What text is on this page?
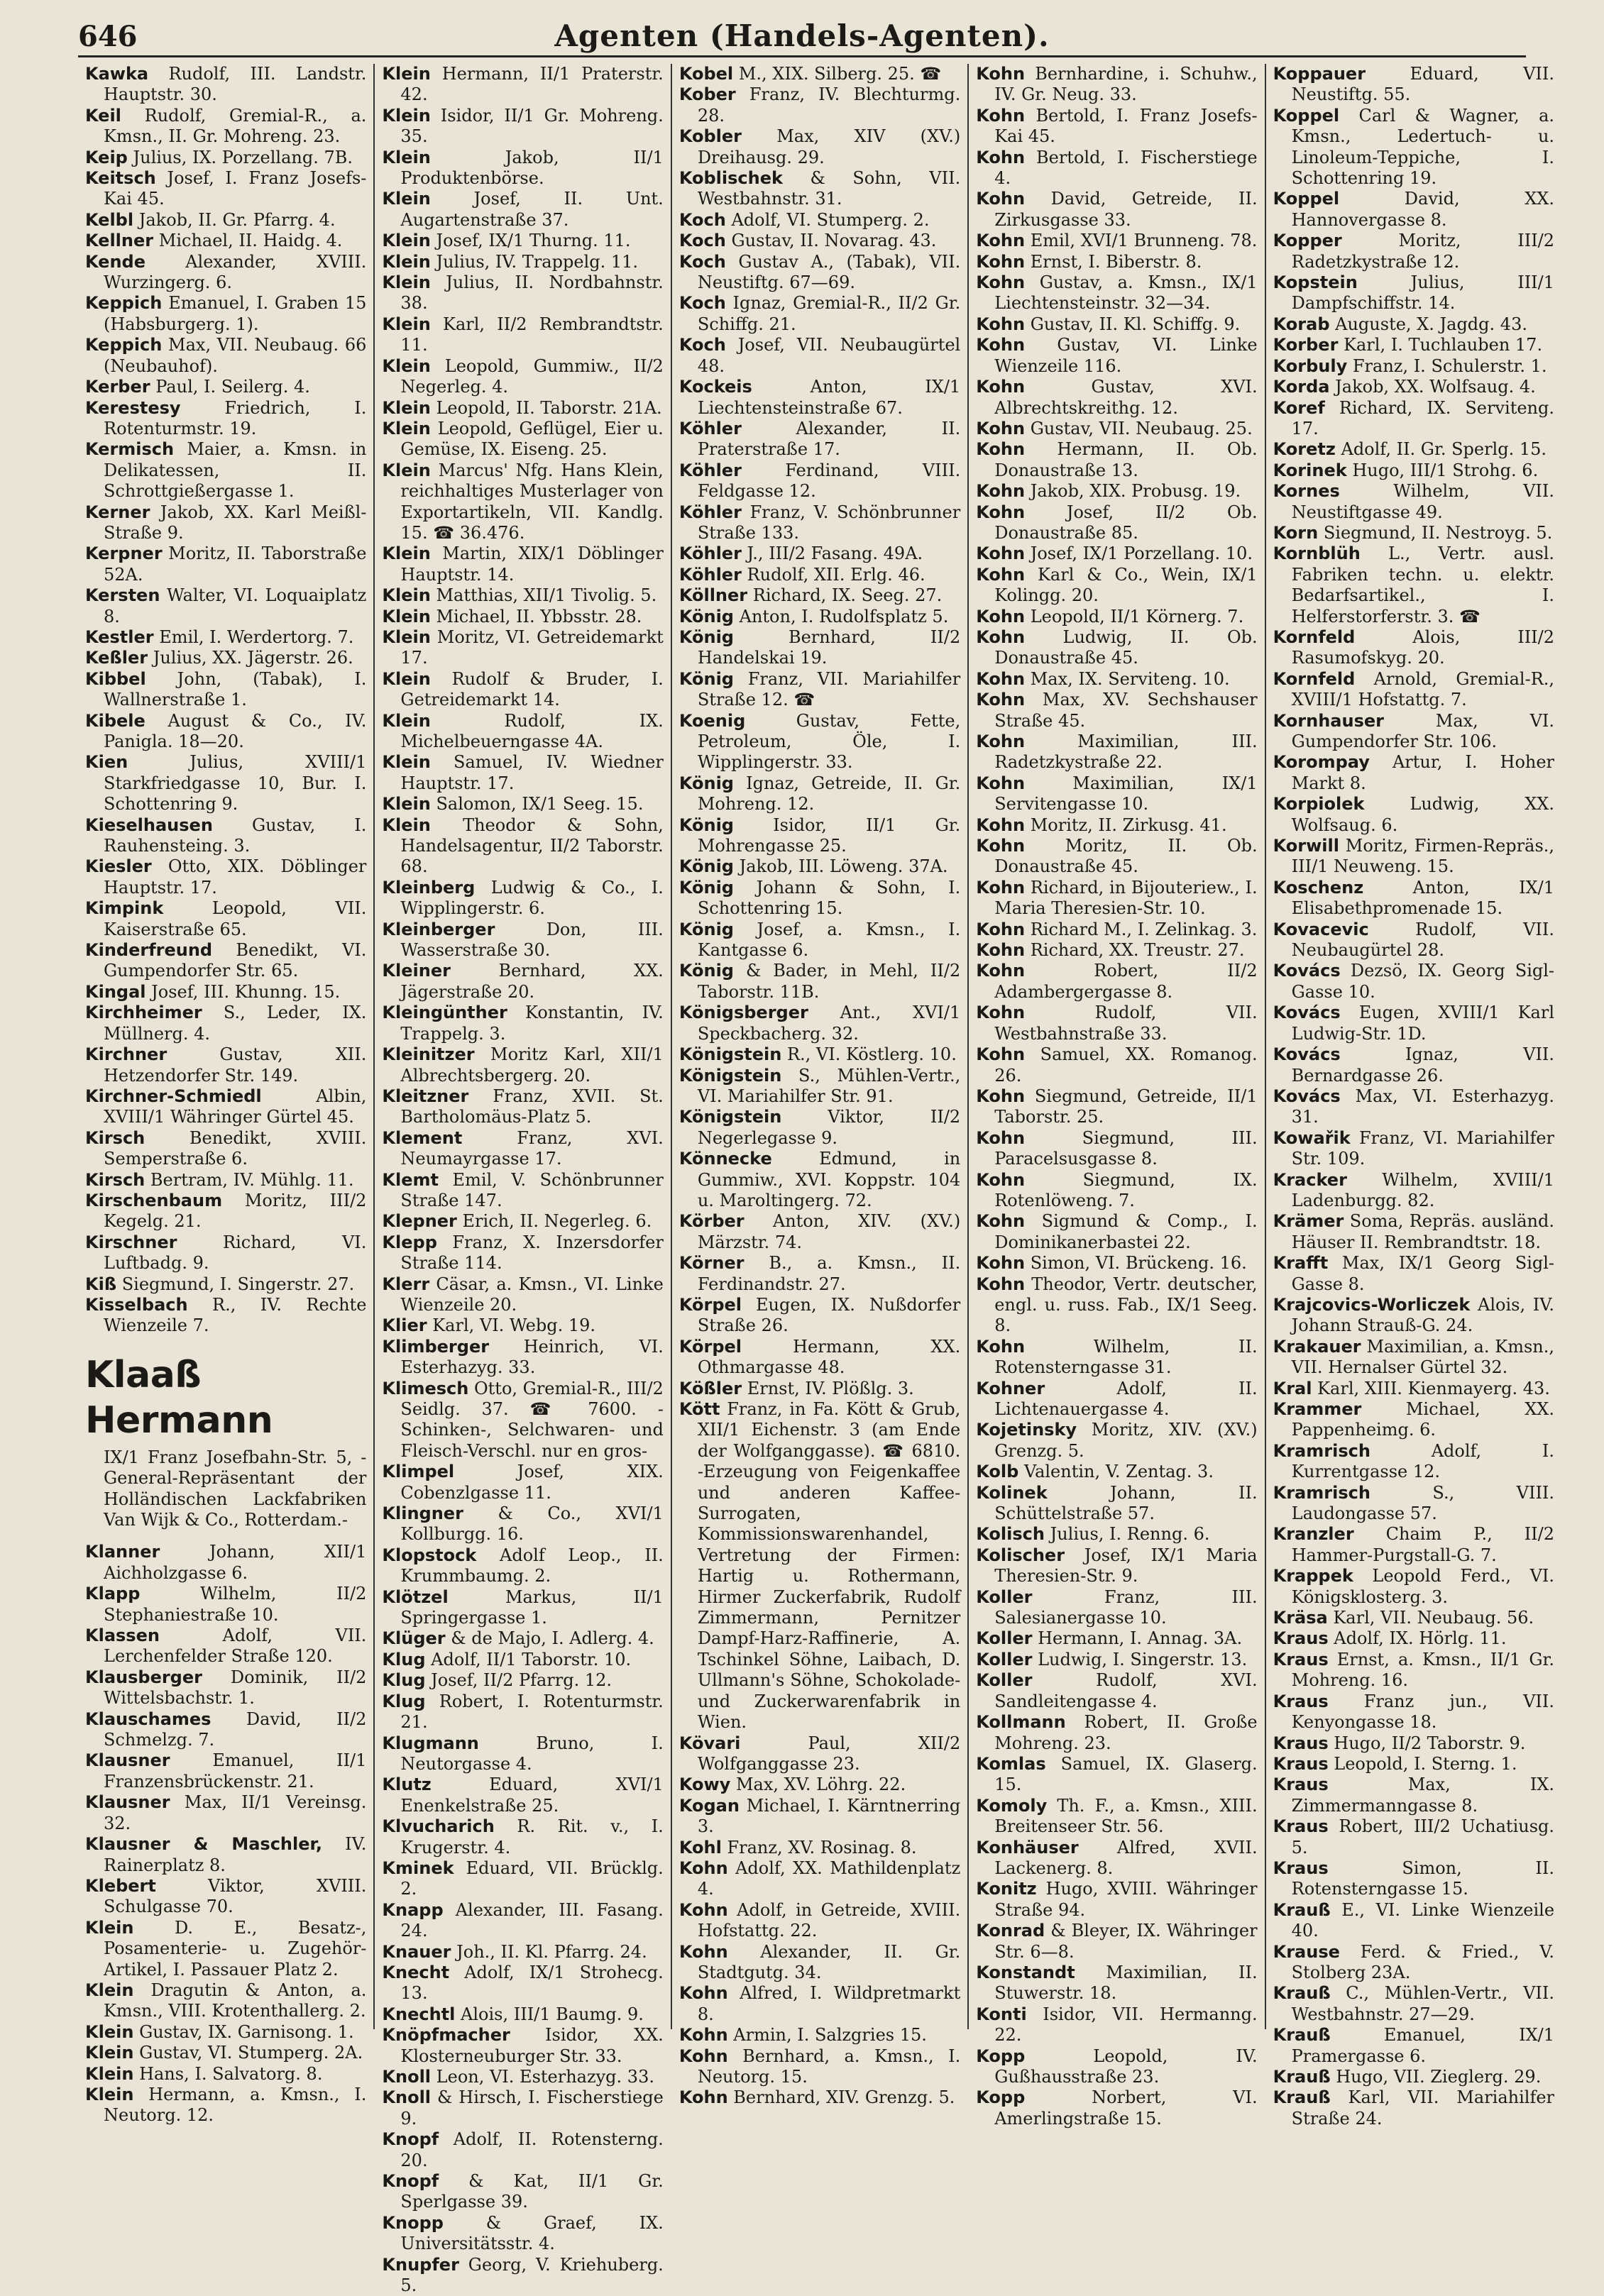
646	Agenten (Handels-Agenten).

Kawka Rudolf, III. Landstr. Hauptstr. 30.

Keil Rudolf, Gremial-R., a. Kmsn., II. Gr. Mohreng. 23.

Keip Julius, IX. Porzellang. 7B.

Keitsch Josef, I. Franz Josefs-Kai 45.

Kelbl Jakob, II. Gr. Pfarrg. 4.

Kellner Michael, II. Haidg. 4.

Kende Alexander, XVIII. Wurzingerg. 6.

Keppich Emanuel, I. Graben 15 (Habsburgerg. 1).

Keppich Max, VII. Neubaug. 66 (Neubauhof).

Kerber Paul, I. Seilerg. 4.

Kerestesy	Friedrich, I. Rotenturmstr. 19.

Kermisch Maier, a. Kmsn. in Delikatessen, II. Schrottgießergasse 1.

Kerner Jakob, XX. Karl Meißl-Straße 9.

Kerpner Moritz, II. Taborstraße 52A.

Kersten Walter, VI. Loquaiplatz 8.

Kestler Emil, I. Werdertorg. 7.

Keßler Julius, XX. Jägerstr. 26.

Kibbel John, (Tabak), I. Wallnerstraße 1.

Kibele August & Co., IV. Panigla. 18—20.

Kien	Julius, XVIII/1 Starkfriedgasse 10, Bur. I. Schottenring 9.

Kieselhausen Gustav, I. Rauhensteing. 3.

Kiesler Otto, XIX. Döblinger Hauptstr. 17.

Kimpink	Leopold, VII. Kaiserstraße 65.

Kinderfreund Benedikt, VI. Gumpendorfer Str. 65.

Kingal Josef, III. Khunng. 15.

Kirchheimer S., Leder, IX. Müllnerg. 4.

Kirchner	Gustav, XII. Hetzendorfer Str. 149.

Kirchner-Schmiedl	Albin, XVIII/1 Währinger Gürtel 45.

Kirsch	Benedikt, XVIII. Semperstraße 6.

Kirsch Bertram, IV. Mühlg. 11.

Kirschenbaum Moritz, III/2 Kegelg. 21.

Kirschner	Richard, VI. Luftbadg. 9.

Kiß Siegmund, I. Singerstr. 27.

Kisselbach R., IV. Rechte Wienzeile 7.

Klaaß Hermann

IX/1 Franz Josefbahn-Str. 5, -General-Repräsentant der Holländischen Lackfabriken Van Wijk & Co., Rotterdam.-

Klanner	Johann, XII/1 Aichholzgasse 6.

Klapp	Wilhelm, II/2 Stephaniestraße 10.

Klassen	Adolf, VII. Lerchenfelder Straße 120.

Klausberger Dominik, II/2 Wittelsbachstr. 1.

Klauschames David, II/2 Schmelzg. 7.

Klausner Emanuel, II/1 Franzensbrückenstr. 21.

Klausner Max, II/1 Vereinsg. 32.

Klausner & Maschler, IV. Rainerplatz 8.

Klebert	Viktor, XVIII. Schulgasse 70.

Klein D. E., Besatz-, Posamenterie- u. Zugehör-Artikel, I. Passauer Platz 2.

Klein Dragutin & Anton, a. Kmsn., VIII. Krotenthallerg. 2.

Klein Gustav, IX. Garnisong. 1.

Klein Gustav, VI. Stumperg. 2A.

Klein Hans, I. Salvatorg. 8.

Klein Hermann, a. Kmsn., I. Neutorg. 12.

Klein Hermann, II/1 Praterstr. 42.

Klein Isidor, II/1 Gr. Mohreng. 35.

Klein	Jakob, II/1 Produktenbörse.

Klein	Josef, II. Unt. Augartenstraße 37.

Klein Josef, IX/1 Thurng. 11.

Klein Julius, IV. Trappelg. 11.

Klein Julius, II. Nordbahnstr. 38.

Klein Karl, II/2 Rembrandtstr. 11.

Klein Leopold, Gummiw., II/2 Negerleg. 4.

Klein Leopold, II. Taborstr. 21A.

Klein Leopold, Geflügel, Eier u. Gemüse, IX. Eiseng. 25.

Klein Marcus' Nfg. Hans Klein, reichhaltiges Musterlager von Exportartikeln, VII. Kandlg. 15. ☎ 36.476.

Klein Martin, XIX/1 Döblinger Hauptstr. 14.

Klein Matthias, XII/1 Tivolig. 5.

Klein Michael, II. Ybbsstr. 28.

Klein Moritz, VI. Getreidemarkt 17.

Klein Rudolf & Bruder, I. Getreidemarkt 14.

Klein	Rudolf, IX. Michelbeuerngasse 4A.

Klein Samuel, IV. Wiedner Hauptstr. 17.

Klein Salomon, IX/1 Seeg. 15.

Klein Theodor & Sohn, Handelsagentur, II/2 Taborstr. 68.

Kleinberg Ludwig & Co., I. Wipplingerstr. 6.

Kleinberger	Don, III. Wasserstraße 30.

Kleiner	Bernhard, XX. Jägerstraße 20.

Kleingünther Konstantin, IV. Trappelg. 3.

Kleinitzer Moritz Karl, XII/1 Albrechtsbergerg. 20.

Kleitzner Franz, XVII. St. Bartholomäus-Platz 5.

Klement	Franz, XVI. Neumayrgasse 17.

Klemt Emil, V. Schönbrunner Straße 147.

Klepner Erich, II. Negerleg. 6.

Klepp Franz, X. Inzersdorfer Straße 114.

Klerr Cäsar, a. Kmsn., VI. Linke Wienzeile 20.

Klier Karl, VI. Webg. 19.

Klimberger Heinrich, VI. Esterhazyg. 33.

Klimesch Otto, Gremial-R., III/2 Seidlg. 37. ☎ 7600. -Schinken-, Selchwaren- und Fleisch-Verschl. nur en gros-

Klimpel	Josef, XIX. Cobenzlgasse 11.

Klingner & Co., XVI/1 Kollburgg. 16.

Klopstock Adolf Leop., II. Krummbaumg. 2.

Klötzel	Markus, II/1 Springergasse 1.

Klüger & de Majo, I. Adlerg. 4.

Klug Adolf, II/1 Taborstr. 10.

Klug Josef, II/2 Pfarrg. 12.

Klug Robert, I. Rotenturmstr. 21.

Klugmann	Bruno, I. Neutorgasse 4.

Klutz	Eduard, XVI/1 Enenkelstraße 25.

Klvucharich R. Rit. v., I. Krugerstr. 4.

Kminek Eduard, VII. Brücklg. 2.

Knapp Alexander, III. Fasang. 24.

Knauer Joh., II. Kl. Pfarrg. 24.

Knecht Adolf, IX/1 Strohecg. 13.

Knechtl Alois, III/1 Baumg. 9.

Knöpfmacher Isidor, XX. Klosterneuburger Str. 33.

Knoll Leon, VI. Esterhazyg. 33.

Knoll & Hirsch, I. Fischerstiege 9.

Knopf Adolf, II. Rotensterng. 20.

Knopf & Kat, II/1 Gr. Sperlgasse 39.

Knopp & Graef, IX. Universitätsstr. 4.

Knupfer Georg, V. Kriehuberg. 5.

Kobel M., XIX. Silberg. 25. ☎

Kober Franz, IV. Blechturmg. 28.

Kobler Max, XIV (XV.) Dreihausg. 29.

Koblischek & Sohn, VII. Westbahnstr. 31.

Koch Adolf, VI. Stumperg. 2.

Koch Gustav, II. Novarag. 43.

Koch Gustav A., (Tabak), VII. Neustiftg. 67—69.

Koch Ignaz, Gremial-R., II/2 Gr. Schiffg. 21.

Koch Josef, VII. Neubaugürtel 48.

Kockeis	Anton, IX/1 Liechtensteinstraße 67.

Köhler	Alexander, II. Praterstraße 17.

Köhler	Ferdinand, VIII. Feldgasse 12.

Köhler Franz, V. Schönbrunner Straße 133.

Köhler J., III/2 Fasang. 49A.

Köhler Rudolf, XII. Erlg. 46.

Köllner Richard, IX. Seeg. 27.

König Anton, I. Rudolfsplatz 5.

König	Bernhard, II/2 Handelskai 19.

König Franz, VII. Mariahilfer Straße 12. ☎

Koenig	Gustav, Fette, Petroleum, Öle, I. Wipplingerstr. 33.

König Ignaz, Getreide, II. Gr. Mohreng. 12.

König Isidor, II/1 Gr. Mohrengasse 25.

König Jakob, III. Löweng. 37A.

König Johann & Sohn, I. Schottenring 15.

König Josef, a. Kmsn., I. Kantgasse 6.

König & Bader, in Mehl, II/2 Taborstr. 11B.

Königsberger Ant., XVI/1 Speckbacherg. 32.

Königstein R., VI. Köstlerg. 10.

Königstein S., Mühlen-Vertr., VI. Mariahilfer Str. 91.

Königstein	Viktor, II/2 Negerlegasse 9.

Könnecke	Edmund, in Gummiw., XVI. Koppstr. 104 u. Maroltingerg. 72.

Körber Anton, XIV. (XV.) Märzstr. 74.

Körner B., a. Kmsn., II. Ferdinandstr. 27.

Körpel Eugen, IX. Nußdorfer Straße 26.

Körpel	Hermann, XX. Othmargasse 48.

Kößler Ernst, IV. Plößlg. 3.

Kött Franz, in Fa. Kött & Grub, XII/1 Eichenstr. 3 (am Ende der Wolfganggasse). ☎ 6810. -Erzeugung von Feigenkaffee und anderen Kaffee-Surrogaten, Kommissionswarenhandel, Vertretung der Firmen: Hartig u. Rothermann, Hirmer Zuckerfabrik, Rudolf Zimmermann, Pernitzer Dampf-Harz-Raffinerie, A. Tschinkel Söhne, Laibach, D. Ullmann's Söhne, Schokolade- und Zuckerwarenfabrik in Wien.

Kövari	Paul, XII/2 Wolfganggasse 23.

Kowy Max, XV. Löhrg. 22.

Kogan Michael, I. Kärntnerring 3.

Kohl Franz, XV. Rosinag. 8.

Kohn Adolf, XX. Mathildenplatz 4.

Kohn Adolf, in Getreide, XVIII. Hofstattg. 22.

Kohn Alexander, II. Gr. Stadtgutg. 34.

Kohn Alfred, I. Wildpretmarkt 8.

Kohn Armin, I. Salzgries 15.

Kohn Bernhard, a. Kmsn., I. Neutorg. 15.

Kohn Bernhard, XIV. Grenzg. 5.

Kohn Bernhardine, i. Schuhw., IV. Gr. Neug. 33.

Kohn Bertold, I. Franz Josefs-Kai 45.

Kohn Bertold, I. Fischerstiege 4.

Kohn David, Getreide, II. Zirkusgasse 33.

Kohn Emil, XVI/1 Brunneng. 78.

Kohn Ernst, I. Biberstr. 8.

Kohn Gustav, a. Kmsn., IX/1 Liechtensteinstr. 32—34.

Kohn Gustav, II. Kl. Schiffg. 9.

Kohn Gustav, VI. Linke Wienzeile 116.

Kohn	Gustav, XVI. Albrechtskreithg. 12.

Kohn Gustav, VII. Neubaug. 25.

Kohn Hermann, II. Ob. Donaustraße 13.

Kohn Jakob, XIX. Probusg. 19.

Kohn Josef, II/2 Ob. Donaustraße 85.

Kohn Josef, IX/1 Porzellang. 10.

Kohn Karl & Co., Wein, IX/1 Kolingg. 20.

Kohn Leopold, II/1 Körnerg. 7.

Kohn Ludwig, II. Ob. Donaustraße 45.

Kohn Max, IX. Serviteng. 10.

Kohn Max, XV. Sechshauser Straße 45.

Kohn	Maximilian, III. Radetzkystraße 22.

Kohn	Maximilian, IX/1 Servitengasse 10.

Kohn Moritz, II. Zirkusg. 41.

Kohn Moritz, II. Ob. Donaustraße 45.

Kohn Richard, in Bijouteriew., I. Maria Theresien-Str. 10.

Kohn Richard M., I. Zelinkag. 3.

Kohn Richard, XX. Treustr. 27.

Kohn	Robert, II/2 Adambergergasse 8.

Kohn	Rudolf, VII. Westbahnstraße 33.

Kohn Samuel, XX. Romanog. 26.

Kohn Siegmund, Getreide, II/1 Taborstr. 25.

Kohn	Siegmund, III. Paracelsusgasse 8.

Kohn	Siegmund, IX. Rotenlöweng. 7.

Kohn Sigmund & Comp., I. Dominikanerbastei 22.

Kohn Simon, VI. Brückeng. 16.

Kohn Theodor, Vertr. deutscher, engl. u. russ. Fab., IX/1 Seeg. 8.

Kohn	Wilhelm, II. Rotensterngasse 31.

Kohner	Adolf, II. Lichtenauergasse 4.

Kojetinsky Moritz, XIV. (XV.) Grenzg. 5.

Kolb Valentin, V. Zentag. 3.

Kolinek	Johann, II. Schüttelstraße 57.

Kolisch Julius, I. Renng. 6.

Kolischer Josef, IX/1 Maria Theresien-Str. 9.

Koller	Franz, III. Salesianergasse 10.

Koller Hermann, I. Annag. 3A.

Koller Ludwig, I. Singerstr. 13.

Koller	Rudolf, XVI. Sandleitengasse 4.

Kollmann Robert, II. Große Mohreng. 23.

Komlas Samuel, IX. Glaserg. 15.

Komoly Th. F., a. Kmsn., XIII. Breitenseer Str. 56.

Konhäuser Alfred, XVII. Lackenerg. 8.

Konitz Hugo, XVIII. Währinger Straße 94.

Konrad & Bleyer, IX. Währinger Str. 6—8.

Konstandt Maximilian, II. Stuwerstr. 18.

Konti Isidor, VII. Hermanng. 22.

Kopp	Leopold, IV. Gußhausstraße 23.

Kopp	Norbert, VI. Amerlingstraße 15.

Koppauer	Eduard, VII. Neustiftg. 55.

Koppel Carl & Wagner, a. Kmsn., Ledertuch- u. Linoleum-Teppiche, I. Schottenring 19.

Koppel	David, XX. Hannovergasse 8.

Kopper	Moritz, III/2 Radetzkystraße 12.

Kopstein	Julius, III/1 Dampfschiffstr. 14.

Korab Auguste, X. Jagdg. 43.

Korber Karl, I. Tuchlauben 17.

Korbuly Franz, I. Schulerstr. 1.

Korda Jakob, XX. Wolfsaug. 4.

Koref Richard, IX. Serviteng. 17.

Koretz Adolf, II. Gr. Sperlg. 15.

Korinek Hugo, III/1 Strohg. 6.

Kornes	Wilhelm, VII. Neustiftgasse 49.

Korn Siegmund, II. Nestroyg. 5.

Kornblüh L., Vertr. ausl. Fabriken techn. u. elektr. Bedarfsartikel., I. Helferstorferstr. 3. ☎

Kornfeld	Alois, III/2 Rasumofskyg. 20.

Kornfeld Arnold, Gremial-R., XVIII/1 Hofstattg. 7.

Kornhauser	Max, VI. Gumpendorfer Str. 106.

Korompay Artur, I. Hoher Markt 8.

Korpiolek	Ludwig, XX. Wolfsaug. 6.

Korwill Moritz, Firmen-Repräs., III/1 Neuweng. 15.

Koschenz	Anton, IX/1 Elisabethpromenade 15.

Kovacevic	Rudolf, VII. Neubaugürtel 28.

Kovács Dezsö, IX. Georg Sigl-Gasse 10.

Kovács Eugen, XVIII/1 Karl Ludwig-Str. 1D.

Kovács	Ignaz, VII. Bernardgasse 26.

Kovács Max, VI. Esterhazyg. 31.

Kowařik Franz, VI. Mariahilfer Str. 109.

Kracker Wilhelm, XVIII/1 Ladenburgg. 82.

Krämer Soma, Repräs. ausländ. Häuser II. Rembrandtstr. 18.

Krafft Max, IX/1 Georg Sigl-Gasse 8.

Krajcovics-Worliczek Alois, IV. Johann Strauß-G. 24.

Krakauer Maximilian, a. Kmsn., VII. Hernalser Gürtel 32.

Kral Karl, XIII. Kienmayerg. 43.

Krammer	Michael, XX. Pappenheimg. 6.

Kramrisch	Adolf, I. Kurrentgasse 12.

Kramrisch	S., VIII. Laudongasse 57.

Kranzler Chaim P., II/2 Hammer-Purgstall-G. 7.

Krappek Leopold Ferd., VI. Königsklosterg. 3.

Kräsa Karl, VII. Neubaug. 56.

Kraus Adolf, IX. Hörlg. 11.

Kraus Ernst, a. Kmsn., II/1 Gr. Mohreng. 16.

Kraus Franz jun., VII. Kenyongasse 18.

Kraus Hugo, II/2 Taborstr. 9.

Kraus Leopold, I. Sterng. 1.

Kraus	Max, IX. Zimmermanngasse 8.

Kraus Robert, III/2 Uchatiusg. 5.

Kraus	Simon, II. Rotensterngasse 15.

Krauß E., VI. Linke Wienzeile 40.

Krause Ferd. & Fried., V. Stolberg 23A.

Krauß C., Mühlen-Vertr., VII. Westbahnstr. 27—29.

Krauß	Emanuel, IX/1 Pramergasse 6.

Krauß Hugo, VII. Zieglerg. 29.

Krauß Karl, VII. Mariahilfer Straße 24.
